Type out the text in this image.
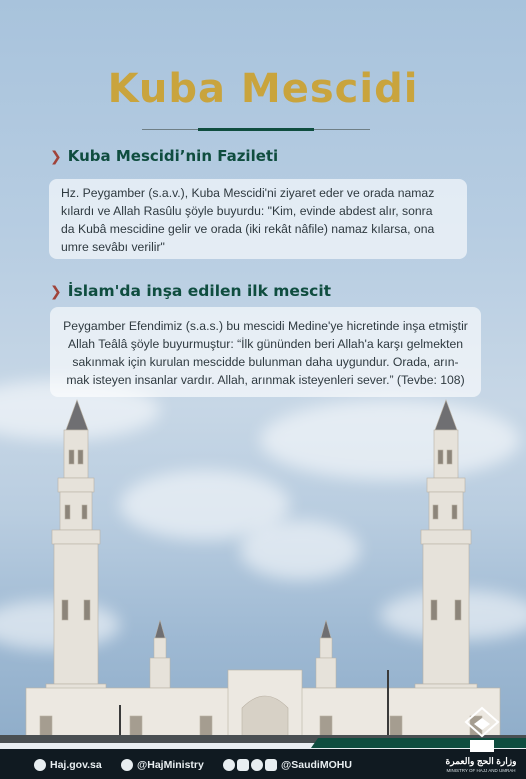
Kuba Mescidi
❯ Kuba Mescidi’nin Fazileti
Hz. Peygamber (s.a.v.), Kuba Mescidi'ni ziyaret eder ve orada namaz
kılardı ve Allah Rasûlu şöyle buyurdu: "Kim, evinde abdest alır, sonra
da Kubâ mescidine gelir ve orada (iki rekât nâfile) namaz kılarsa, ona
umre sevâbı verilir"
❯ İslam'da inşa edilen ilk mescit
Peygamber Efendimiz (s.a.s.) bu mescidi Medine'ye hicretinde inşa etmiştir
Allah Teâlâ şöyle buyurmuştur: “İlk gününden beri Allah'a karşı gelmekten
sakınmak için kurulan mescidde bulunman daha uygundur. Orada, arın-
mak isteyen insanlar vardır. Allah, arınmak isteyenleri sever.” (Tevbe: 108)
Haj.gov.sa	@HajMinistry	@SaudiMOHU	وزارة الحج والعمرة
MINISTRY OF HAJJ AND UMRAH
